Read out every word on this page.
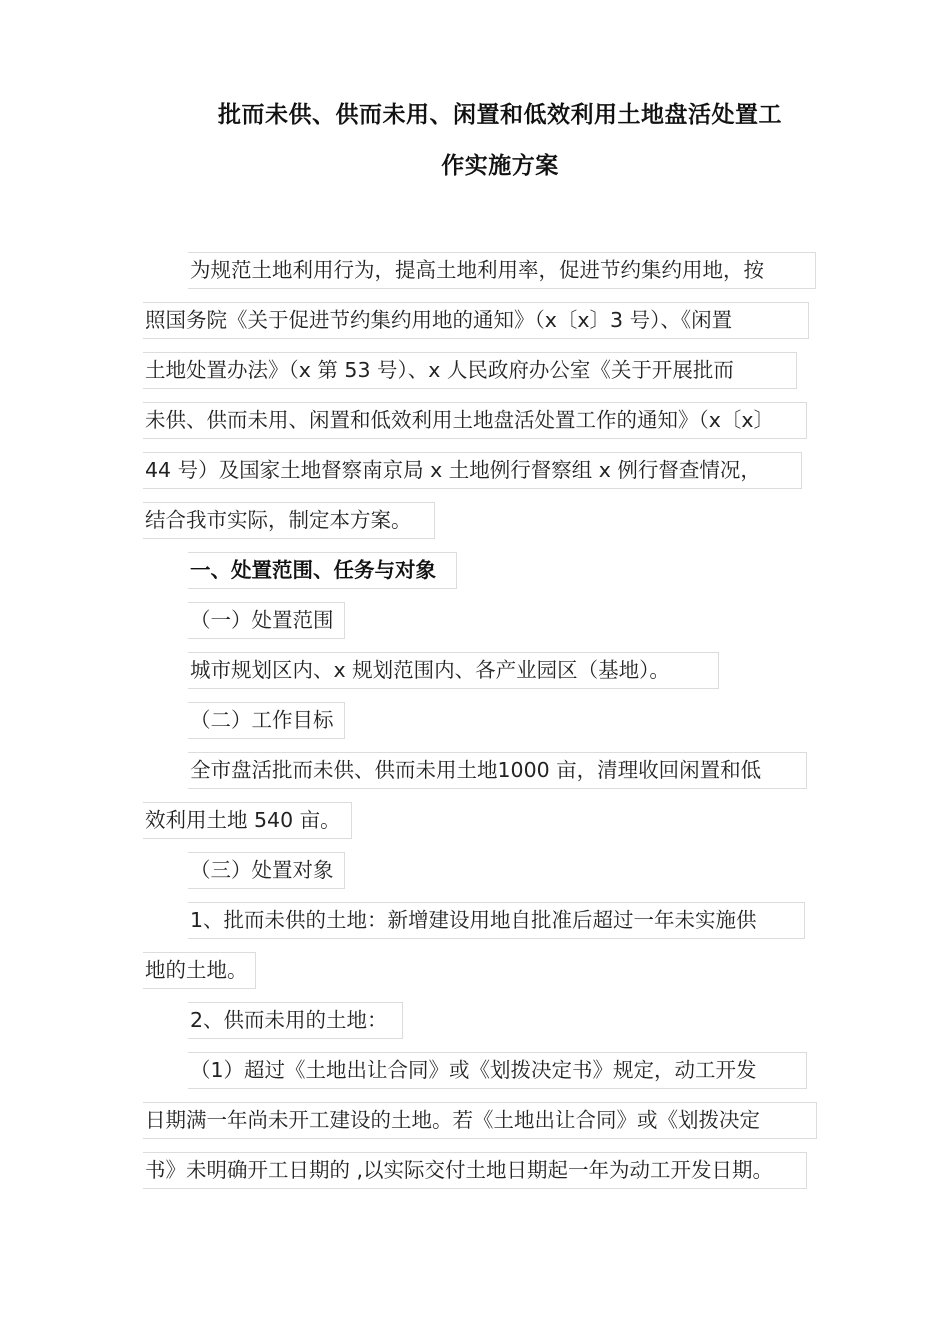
批而未供、供而未用、闲置和低效利用土地盘活处置工
作实施方案
为规范土地利用行为，提高土地利用率，促进节约集约用地，按
照国务院《关于促进节约集约用地的通知》（x〔x〕3 号）、《闲置
土地处置办法》（x 第 53 号）、x 人民政府办公室《关于开展批而
未供、供而未用、闲置和低效利用土地盘活处置工作的通知》（x〔x〕
44 号）及国家土地督察南京局 x 土地例行督察组 x 例行督查情况，
结合我市实际，制定本方案。
一、处置范围、任务与对象
（一）处置范围
城市规划区内、x 规划范围内、各产业园区（基地）。
（二）工作目标
全市盘活批而未供、供而未用土地1000 亩，清理收回闲置和低
效利用土地 540 亩。
（三）处置对象
1、批而未供的土地：新增建设用地自批准后超过一年未实施供
地的土地。
2、供而未用的土地：
（1）超过《土地出让合同》或《划拨决定书》规定，动工开发
日期满一年尚未开工建设的土地。若《土地出让合同》或《划拨决定
书》未明确开工日期的 ,以实际交付土地日期起一年为动工开发日期。
